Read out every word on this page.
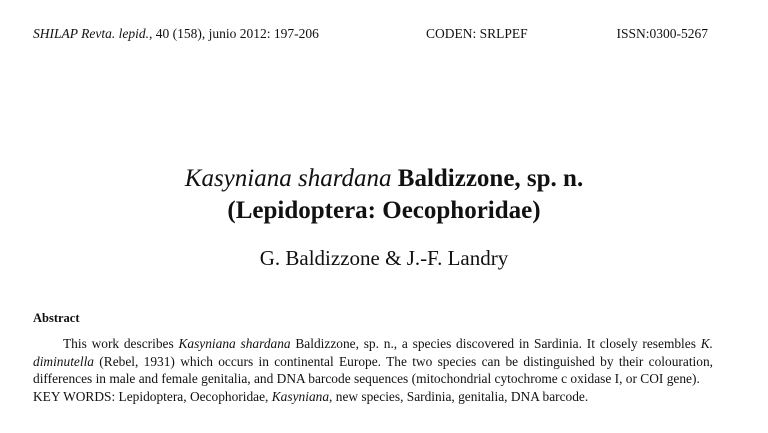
SHILAP Revta. lepid., 40 (158), junio 2012: 197-206	CODEN: SRLPEF	ISSN:0300-5267
Kasyniana shardana Baldizzone, sp. n.
(Lepidoptera: Oecophoridae)
G. Baldizzone & J.-F. Landry
Abstract

This work describes Kasyniana shardana Baldizzone, sp. n., a species discovered in Sardinia. It closely resembles K. diminutella (Rebel, 1931) which occurs in continental Europe. The two species can be distinguished by their colouration, differences in male and female genitalia, and DNA barcode sequences (mitochondrial cytochrome c oxidase I, or COI gene).

KEY WORDS: Lepidoptera, Oecophoridae, Kasyniana, new species, Sardinia, genitalia, DNA barcode.
